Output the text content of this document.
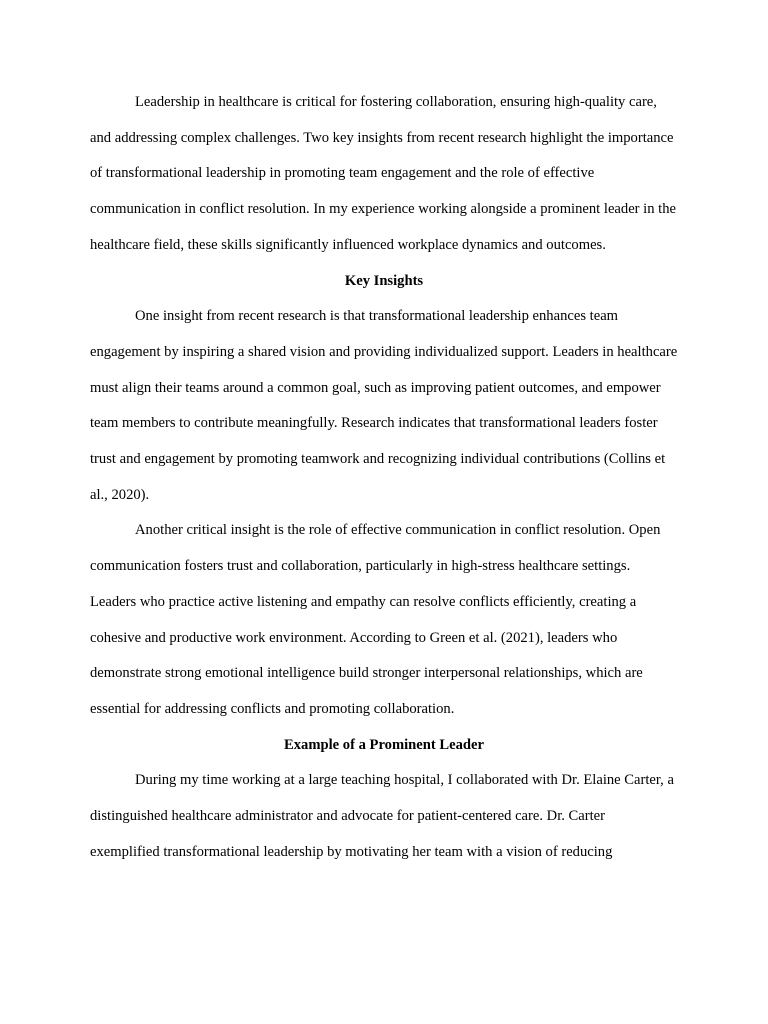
Leadership in healthcare is critical for fostering collaboration, ensuring high-quality care, and addressing complex challenges. Two key insights from recent research highlight the importance of transformational leadership in promoting team engagement and the role of effective communication in conflict resolution. In my experience working alongside a prominent leader in the healthcare field, these skills significantly influenced workplace dynamics and outcomes.

Key Insights

One insight from recent research is that transformational leadership enhances team engagement by inspiring a shared vision and providing individualized support. Leaders in healthcare must align their teams around a common goal, such as improving patient outcomes, and empower team members to contribute meaningfully. Research indicates that transformational leaders foster trust and engagement by promoting teamwork and recognizing individual contributions (Collins et al., 2020).

Another critical insight is the role of effective communication in conflict resolution. Open communication fosters trust and collaboration, particularly in high-stress healthcare settings. Leaders who practice active listening and empathy can resolve conflicts efficiently, creating a cohesive and productive work environment. According to Green et al. (2021), leaders who demonstrate strong emotional intelligence build stronger interpersonal relationships, which are essential for addressing conflicts and promoting collaboration.

Example of a Prominent Leader

During my time working at a large teaching hospital, I collaborated with Dr. Elaine Carter, a distinguished healthcare administrator and advocate for patient-centered care. Dr. Carter exemplified transformational leadership by motivating her team with a vision of reducing
